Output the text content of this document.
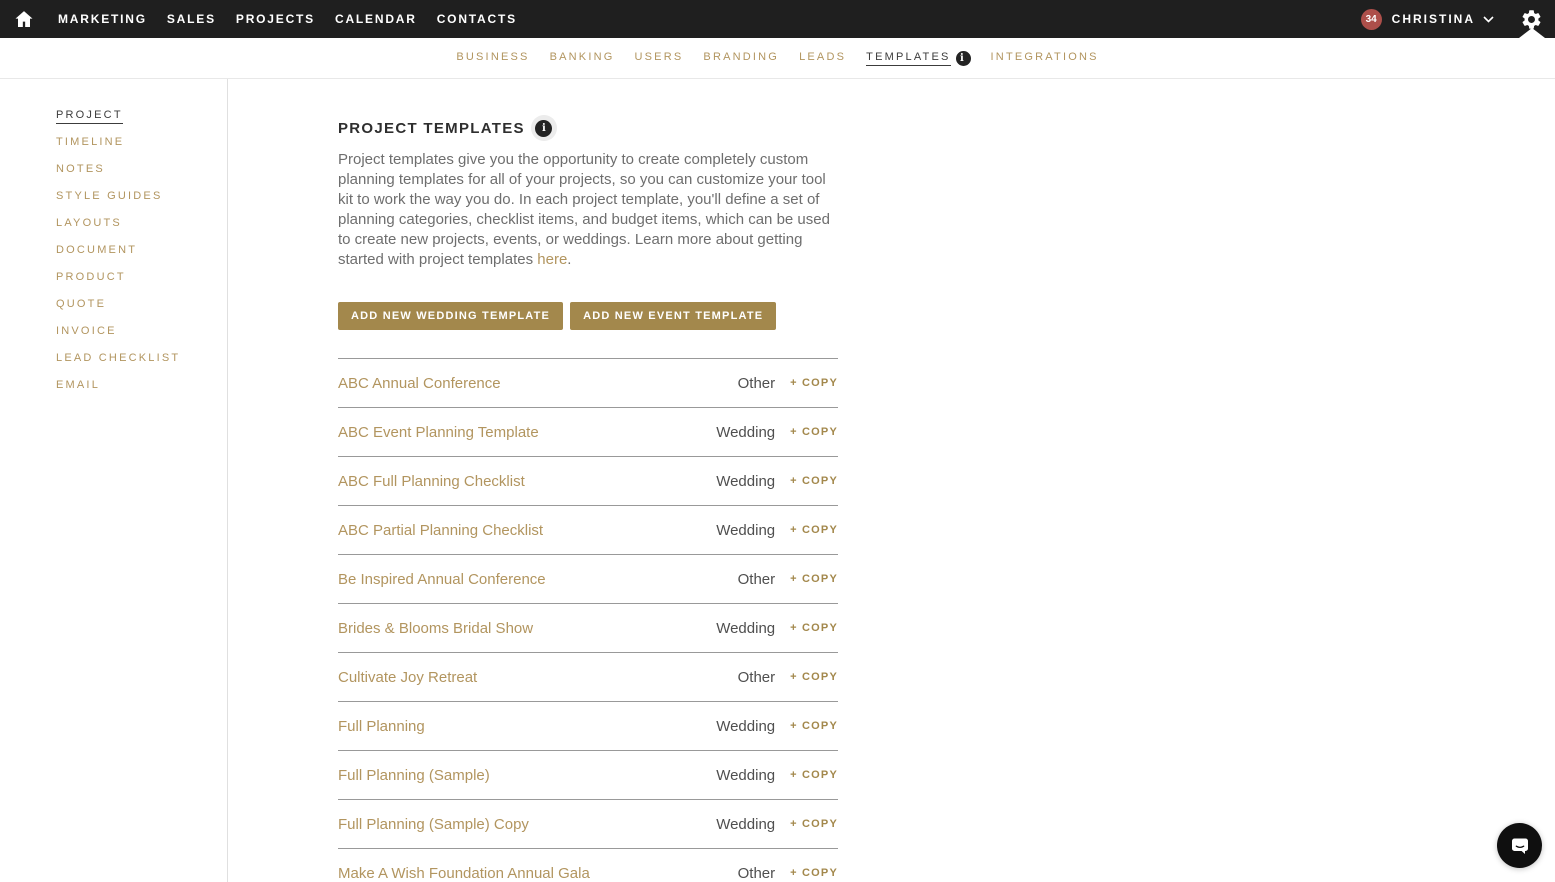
MARKETING	SALES	PROJECTS	CALENDAR	CONTACTS	34	CHRISTINA
BUSINESS BANKING USERS BRANDING LEADS TEMPLATES i	INTEGRATIONS
PROJECT
TIMELINE
NOTES
STYLE GUIDES
LAYOUTS
DOCUMENT
PRODUCT
QUOTE
INVOICE
LEAD CHECKLIST
EMAIL
PROJECT TEMPLATES	i

Project templates give you the opportunity to create completely custom planning templates for all of your projects, so you can customize your tool kit to work the way you do. In each project template, you'll define a set of planning categories, checklist items, and budget items, which can be used to create new projects, events, or weddings. Learn more about getting started with project templates here.

ADD NEW WEDDING TEMPLATE	ADD NEW EVENT TEMPLATE
ABC Annual Conference	Other + COPY
ABC Event Planning Template	Wedding + COPY
ABC Full Planning Checklist	Wedding + COPY
ABC Partial Planning Checklist	Wedding + COPY
Be Inspired Annual Conference	Other + COPY
Brides & Blooms Bridal Show	Wedding + COPY
Cultivate Joy Retreat	Other + COPY
Full Planning	Wedding + COPY
Full Planning (Sample)	Wedding + COPY
Full Planning (Sample) Copy	Wedding + COPY
Make A Wish Foundation Annual Gala	Other + COPY
